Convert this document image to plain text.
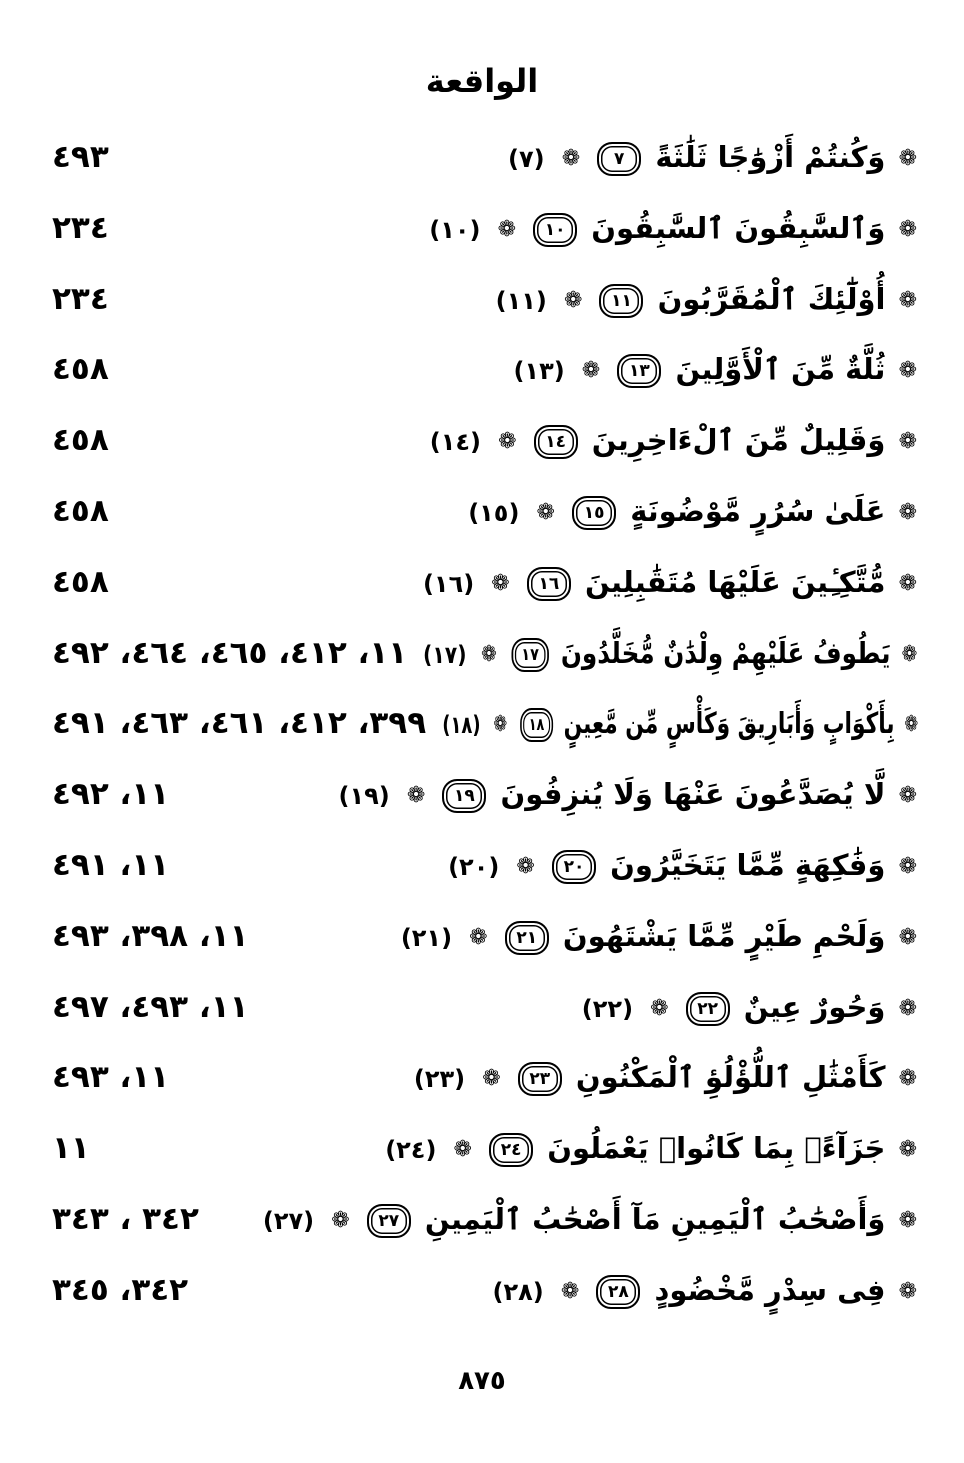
الواقعة
❁ وَكُنتُمْ أَزْوَٰجًا ثَلَٰثَةً ٧ ❁ (٧)
٤٩٣
❁ وَٱلسَّٰبِقُونَ ٱلسَّٰبِقُونَ ١٠ ❁ (١٠)
٢٣٤
❁ أُوْلَٰٓئِكَ ٱلْمُقَرَّبُونَ ١١ ❁ (١١)
٢٣٤
❁ ثُلَّةٌ مِّنَ ٱلْأَوَّلِينَ ١٣ ❁ (١٣)
٤٥٨
❁ وَقَلِيلٌ مِّنَ ٱلْءَاخِرِينَ ١٤ ❁ (١٤)
٤٥٨
❁ عَلَىٰ سُرُرٍ مَّوْضُونَةٍ ١٥ ❁ (١٥)
٤٥٨
❁ مُّتَّكِـِٔينَ عَلَيْهَا مُتَقَٰبِلِينَ ١٦ ❁ (١٦)
٤٥٨
❁ يَطُوفُ عَلَيْهِمْ وِلْدَٰنٌ مُّخَلَّدُونَ ١٧ ❁ (١٧)
١١، ٤١٢، ٤٦٥، ٤٦٤، ٤٩٢
❁ بِأَكْوَابٍ وَأَبَارِيقَ وَكَأْسٍ مِّن مَّعِينٍ ١٨ ❁ (١٨)
٣٩٩، ٤١٢، ٤٦١، ٤٦٣، ٤٩١
❁ لَّا يُصَدَّعُونَ عَنْهَا وَلَا يُنزِفُونَ ١٩ ❁ (١٩)
١١، ٤٩٢
❁ وَفَٰكِهَةٍ مِّمَّا يَتَخَيَّرُونَ ٢٠ ❁ (٢٠)
١١، ٤٩١
❁ وَلَحْمِ طَيْرٍ مِّمَّا يَشْتَهُونَ ٢١ ❁ (٢١)
١١، ٣٩٨، ٤٩٣
❁ وَحُورٌ عِينٌ ٢٢ ❁ (٢٢)
١١، ٤٩٣، ٤٩٧
❁ كَأَمْثَٰلِ ٱللُّؤْلُؤِ ٱلْمَكْنُونِ ٢٣ ❁ (٢٣)
١١، ٤٩٣
❁ جَزَآءًۢ بِمَا كَانُوا۟ يَعْمَلُونَ ٢٤ ❁ (٢٤)
١١
❁ وَأَصْحَٰبُ ٱلْيَمِينِ مَآ أَصْحَٰبُ ٱلْيَمِينِ ٢٧ ❁ (٢٧)
٣٤٢ ، ٣٤٣
❁ فِى سِدْرٍ مَّخْضُودٍ ٢٨ ❁ (٢٨)
٣٤٢، ٣٤٥
٨٧٥
